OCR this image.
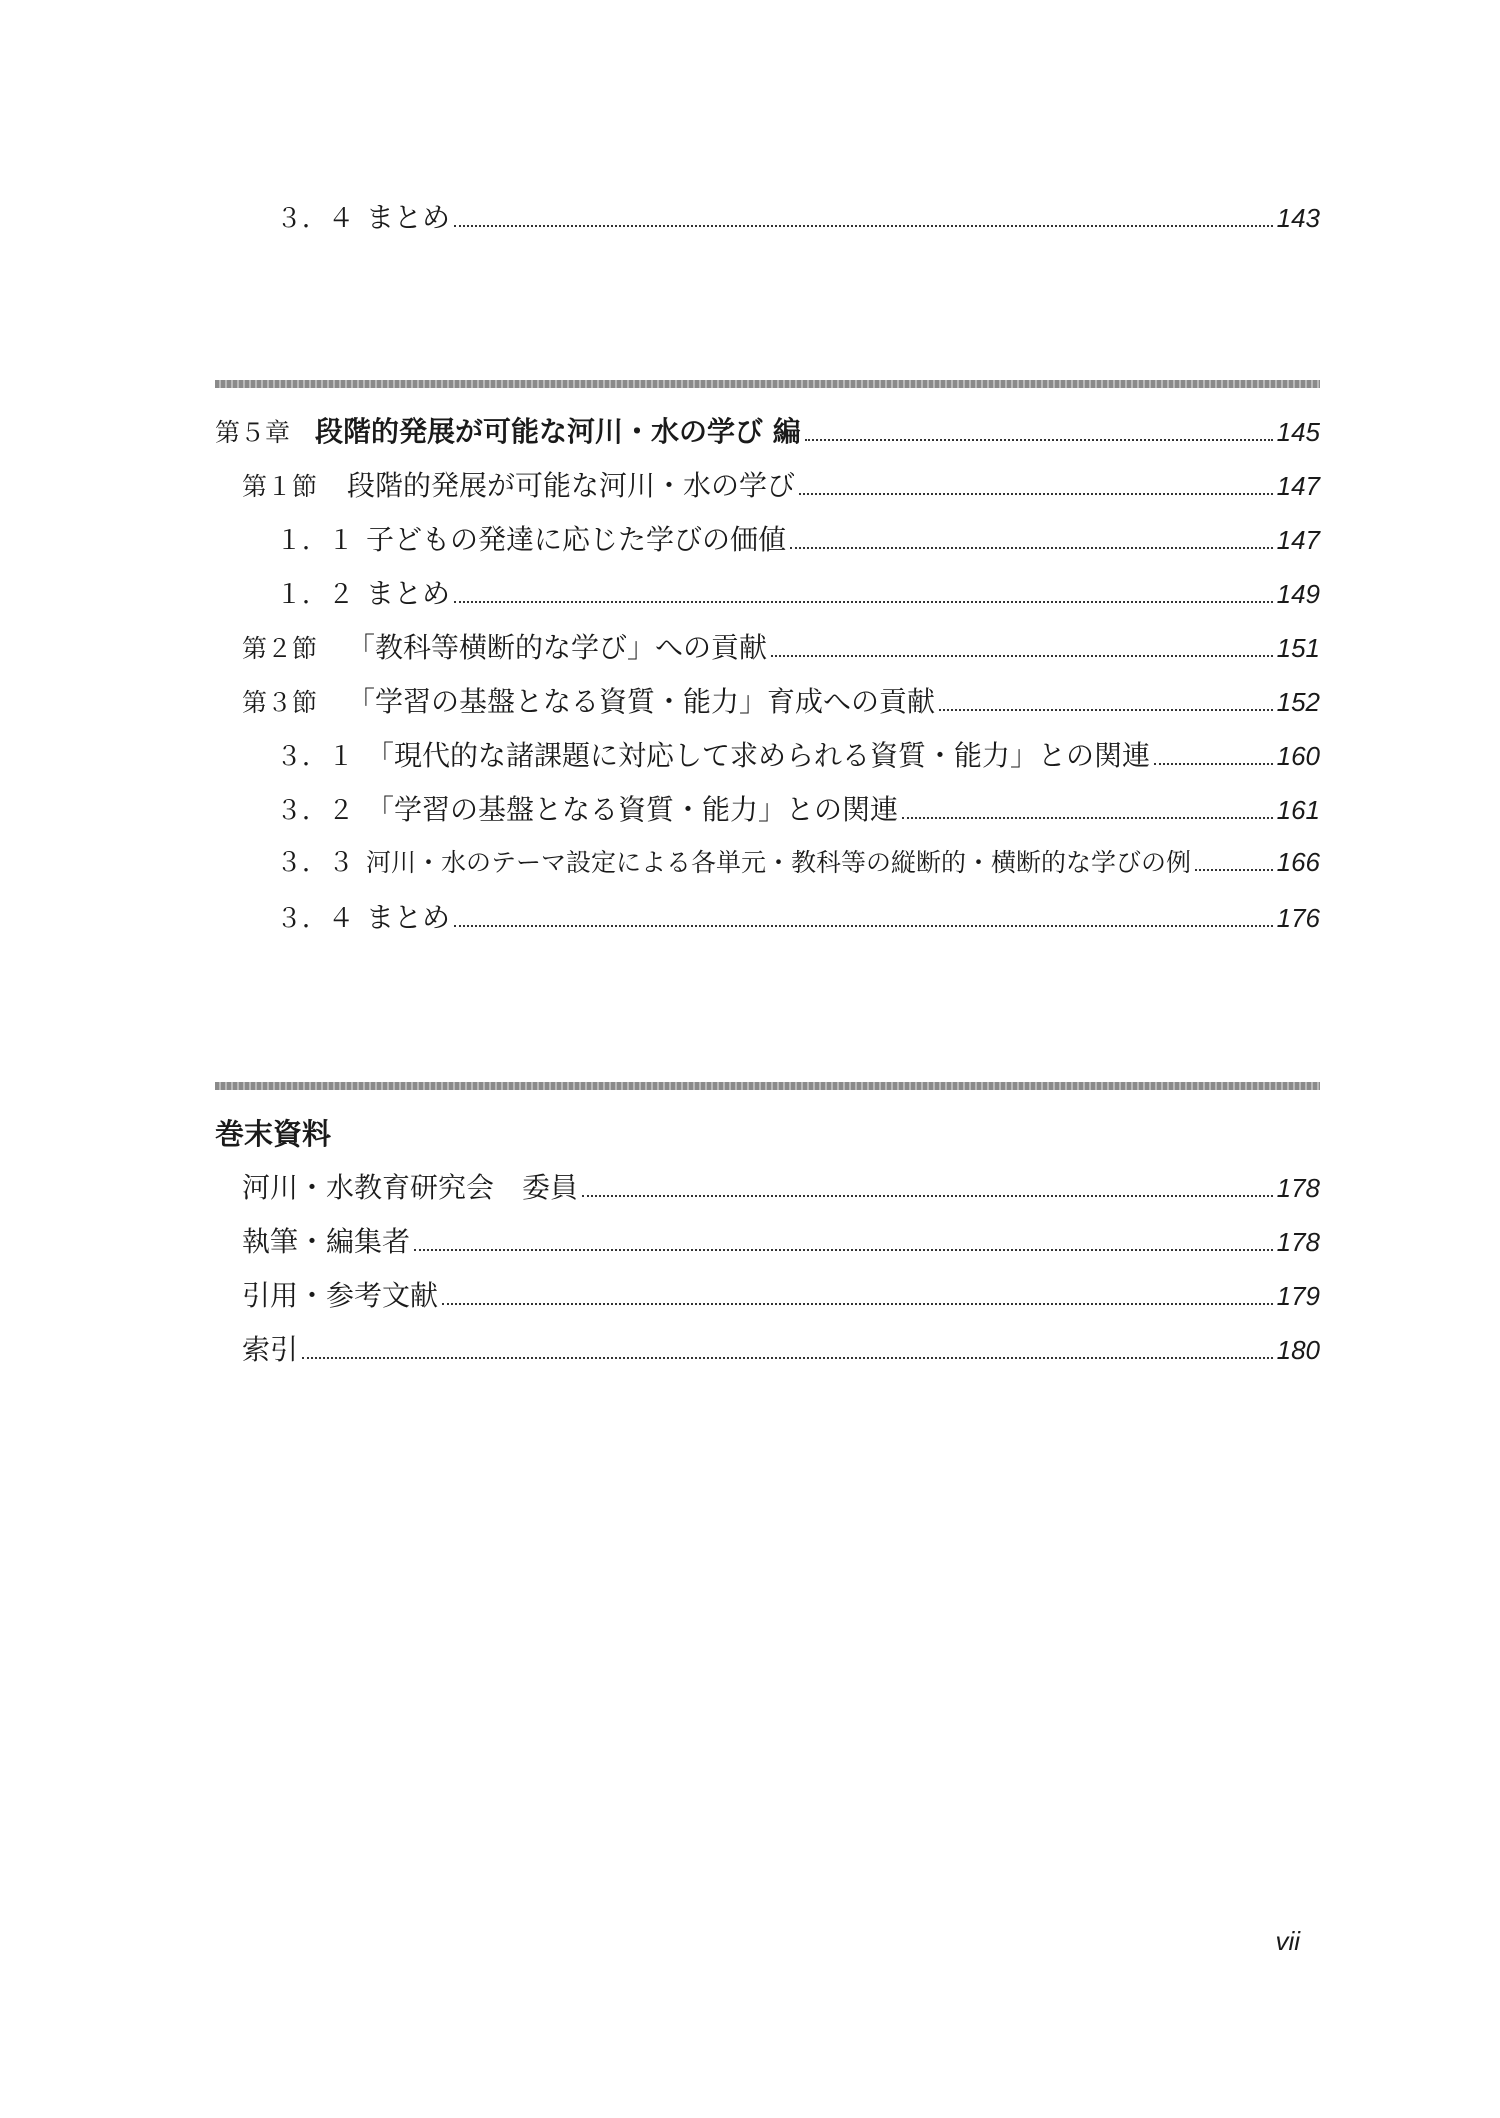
３．４ まとめ	143
第５章 段階的発展が可能な河川・水の学び 編	145
第１節	段階的発展が可能な河川・水の学び	147
１．１ 子どもの発達に応じた学びの価値	147
１．２ まとめ	149
第２節	「教科等横断的な学び」への貢献	151
第３節	「学習の基盤となる資質・能力」育成への貢献	152
３．１ 「現代的な諸課題に対応して求められる資質・能力」との関連	160
３．２ 「学習の基盤となる資質・能力」との関連	161
３．３ 河川・水のテーマ設定による各単元・教科等の縦断的・横断的な学びの例	166
３．４ まとめ	176
巻末資料
河川・水教育研究会　委員	178
執筆・編集者	178
引用・参考文献	179
索引	180
vii
